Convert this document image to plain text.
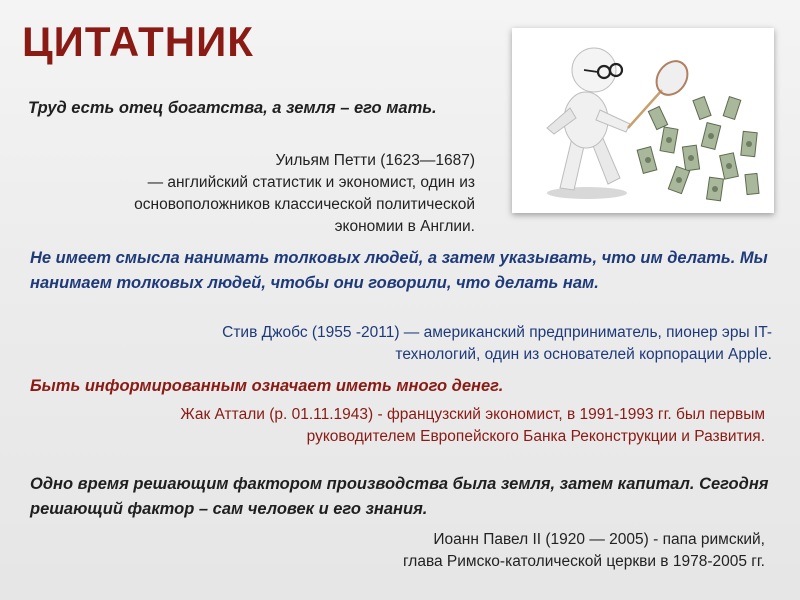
ЦИТАТНИК
Труд есть отец богатства, а земля – его мать.
Уильям Петти (1623—1687)
— английский статистик и экономист, один из
основоположников классической политической
экономии в Англии.
Не имеет смысла нанимать толковых людей, а затем указывать, что им делать. Мы нанимаем толковых людей, чтобы они говорили, что делать нам.
Стив Джобс (1955 -2011) — американский предприниматель, пионер эры IT-
технологий, один из основателей корпорации Apple.
Быть информированным означает иметь много денег.
Жак Аттали (р. 01.11.1943) - французский экономист, в 1991-1993 гг. был первым
руководителем Европейского Банка Реконструкции и Развития.
Одно время решающим фактором производства была земля, затем капитал. Сегодня решающий фактор – сам человек и его знания.
Иоанн Павел II (1920 — 2005) - папа римский,
глава Римско-католической церкви в 1978-2005 гг.
